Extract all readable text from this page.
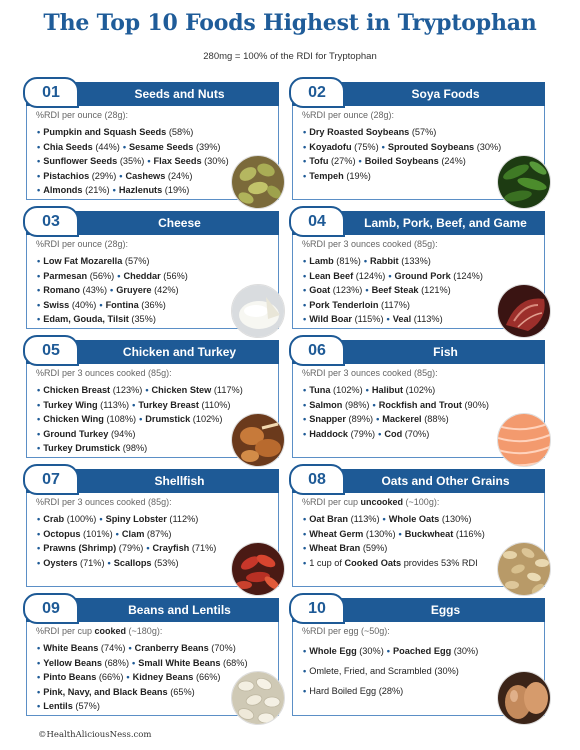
The Top 10 Foods Highest in Tryptophan
280mg = 100% of the RDI for Tryptophan
01	Seeds and Nuts
%RDI per ounce (28g):
• Pumpkin and Squash Seeds (58%)
• Chia Seeds (44%) • Sesame Seeds (39%)
• Sunflower Seeds (35%) • Flax Seeds (30%)
• Pistachios (29%) • Cashews (24%)
• Almonds (21%) • Hazlenuts (19%)
02	Soya Foods
%RDI per ounce (28g):
• Dry Roasted Soybeans (57%)
• Koyadofu (75%) • Sprouted Soybeans (30%)
• Tofu (27%) • Boiled Soybeans (24%)
• Tempeh (19%)
03	Cheese
%RDI per ounce (28g):
• Low Fat Mozarella (57%)
• Parmesan (56%) • Cheddar (56%)
• Romano (43%) • Gruyere (42%)
• Swiss (40%) • Fontina (36%)
• Edam, Gouda, Tilsit (35%)
04	Lamb, Pork, Beef, and Game
%RDI per 3 ounces cooked (85g):
• Lamb (81%) • Rabbit (133%)
• Lean Beef (124%) • Ground Pork (124%)
• Goat (123%) • Beef Steak (121%)
• Pork Tenderloin (117%)
• Wild Boar (115%) • Veal (113%)
05	Chicken and Turkey
%RDI per 3 ounces cooked (85g):
• Chicken Breast (123%) • Chicken Stew (117%)
• Turkey Wing (113%) • Turkey Breast (110%)
• Chicken Wing (108%) • Drumstick (102%)
• Ground Turkey (94%)
• Turkey Drumstick (98%)
06	Fish
%RDI per 3 ounces cooked (85g):
• Tuna (102%) • Halibut (102%)
• Salmon (98%) • Rockfish and Trout (90%)
• Snapper (89%) • Mackerel (88%)
• Haddock (79%) • Cod (70%)
07	Shellfish
%RDI per 3 ounces cooked (85g):
• Crab (100%) • Spiny Lobster (112%)
• Octopus (101%) • Clam (87%)
• Prawns (Shrimp) (79%) • Crayfish (71%)
• Oysters (71%) • Scallops (53%)
08	Oats and Other Grains
%RDI per cup uncooked (~100g):
• Oat Bran (113%) • Whole Oats (130%)
• Wheat Germ (130%) • Buckwheat (116%)
• Wheat Bran (59%)
• 1 cup of Cooked Oats provides 53% RDI
09	Beans and Lentils
%RDI per cup cooked (~180g):
• White Beans (74%) • Cranberry Beans (70%)
• Yellow Beans (68%) • Small White Beans (68%)
• Pinto Beans (66%) • Kidney Beans (66%)
• Pink, Navy, and Black Beans (65%)
• Lentils (57%)
10	Eggs
%RDI per egg (~50g):
• Whole Egg (30%) • Poached Egg (30%)
• Omlete, Fried, and Scrambled (30%)
• Hard Boiled Egg (28%)
©HealthAliciousNess.com
